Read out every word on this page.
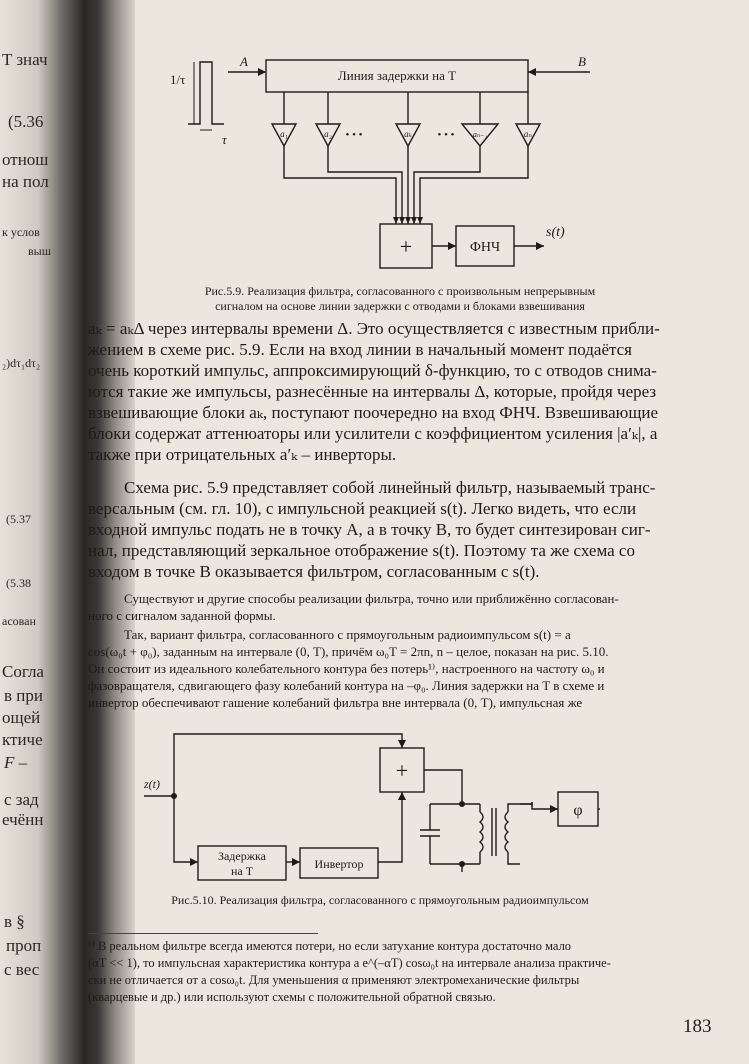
T знач
(5.36
отнош
на пол
к услов
выш
₂)dτ₁dτ₂
(5.37
(5.38
асован
Согла
в при
ощей
ктиче
F –
с зад
ечённ
в §
проп
с вес
1/τ
τ
A	B
Линия задержки на T
a₁	a₂	aₖ	aₙ₋₁	aₙ
• • •	• • •
+	ФНЧ
s(t)
Рис.5.9. Реализация фильтра, согласованного с произвольным непрерывным
сигналом на основе линии задержки с отводами и блоками взвешивания

aₖ = aₖΔ через интервалы времени Δ. Это осуществляется с известным прибли-

жением в схеме рис. 5.9. Если на вход линии в начальный момент подаётся

очень короткий импульс, аппроксимирующий δ-функцию, то с отводов снима-

ются такие же импульсы, разнесённые на интервалы Δ, которые, пройдя через

взвешивающие блоки aₖ, поступают поочередно на вход ФНЧ. Взвешивающие

блоки содержат аттенюаторы или усилители с коэффициентом усиления |a′ₖ|, а

также при отрицательных a′ₖ – инверторы.

Схема рис. 5.9 представляет собой линейный фильтр, называемый транс-

версальным (см. гл. 10), с импульсной реакцией s(t). Легко видеть, что если

входной импульс подать не в точку A, а в точку B, то будет синтезирован сиг-

нал, представляющий зеркальное отображение s(t). Поэтому та же схема со

входом в точке B оказывается фильтром, согласованным с s(t).

Существуют и другие способы реализации фильтра, точно или приближённо согласован-

ного с сигналом заданной формы.

Так, вариант фильтра, согласованного с прямоугольным радиоимпульсом s(t) = a

cos(ω₀t + φ₀), заданным на интервале (0, T), причём ω₀T = 2πn, n – целое, показан на рис. 5.10.

Он состоит из идеального колебательного контура без потерь¹⁾, настроенного на частоту ω₀ и

фазовращателя, сдвигающего фазу колебаний контура на –φ₀. Линия задержки на T в схеме и

инвертор обеспечивают гашение колебаний фильтра вне интервала (0, T), импульсная же

z(t)
+
Задержка
на T	Инвертор
φ
Рис.5.10. Реализация фильтра, согласованного с прямоугольным радиоимпульсом
¹⁾ В реальном фильтре всегда имеются потери, но если затухание контура достаточно мало
(αT << 1), то импульсная характеристика контура a e^(–αT) cosω₀t на интервале анализа практиче-
ски не отличается от a cosω₀t. Для уменьшения α применяют электромеханические фильтры
(кварцевые и др.) или используют схемы с положительной обратной связью.
183
